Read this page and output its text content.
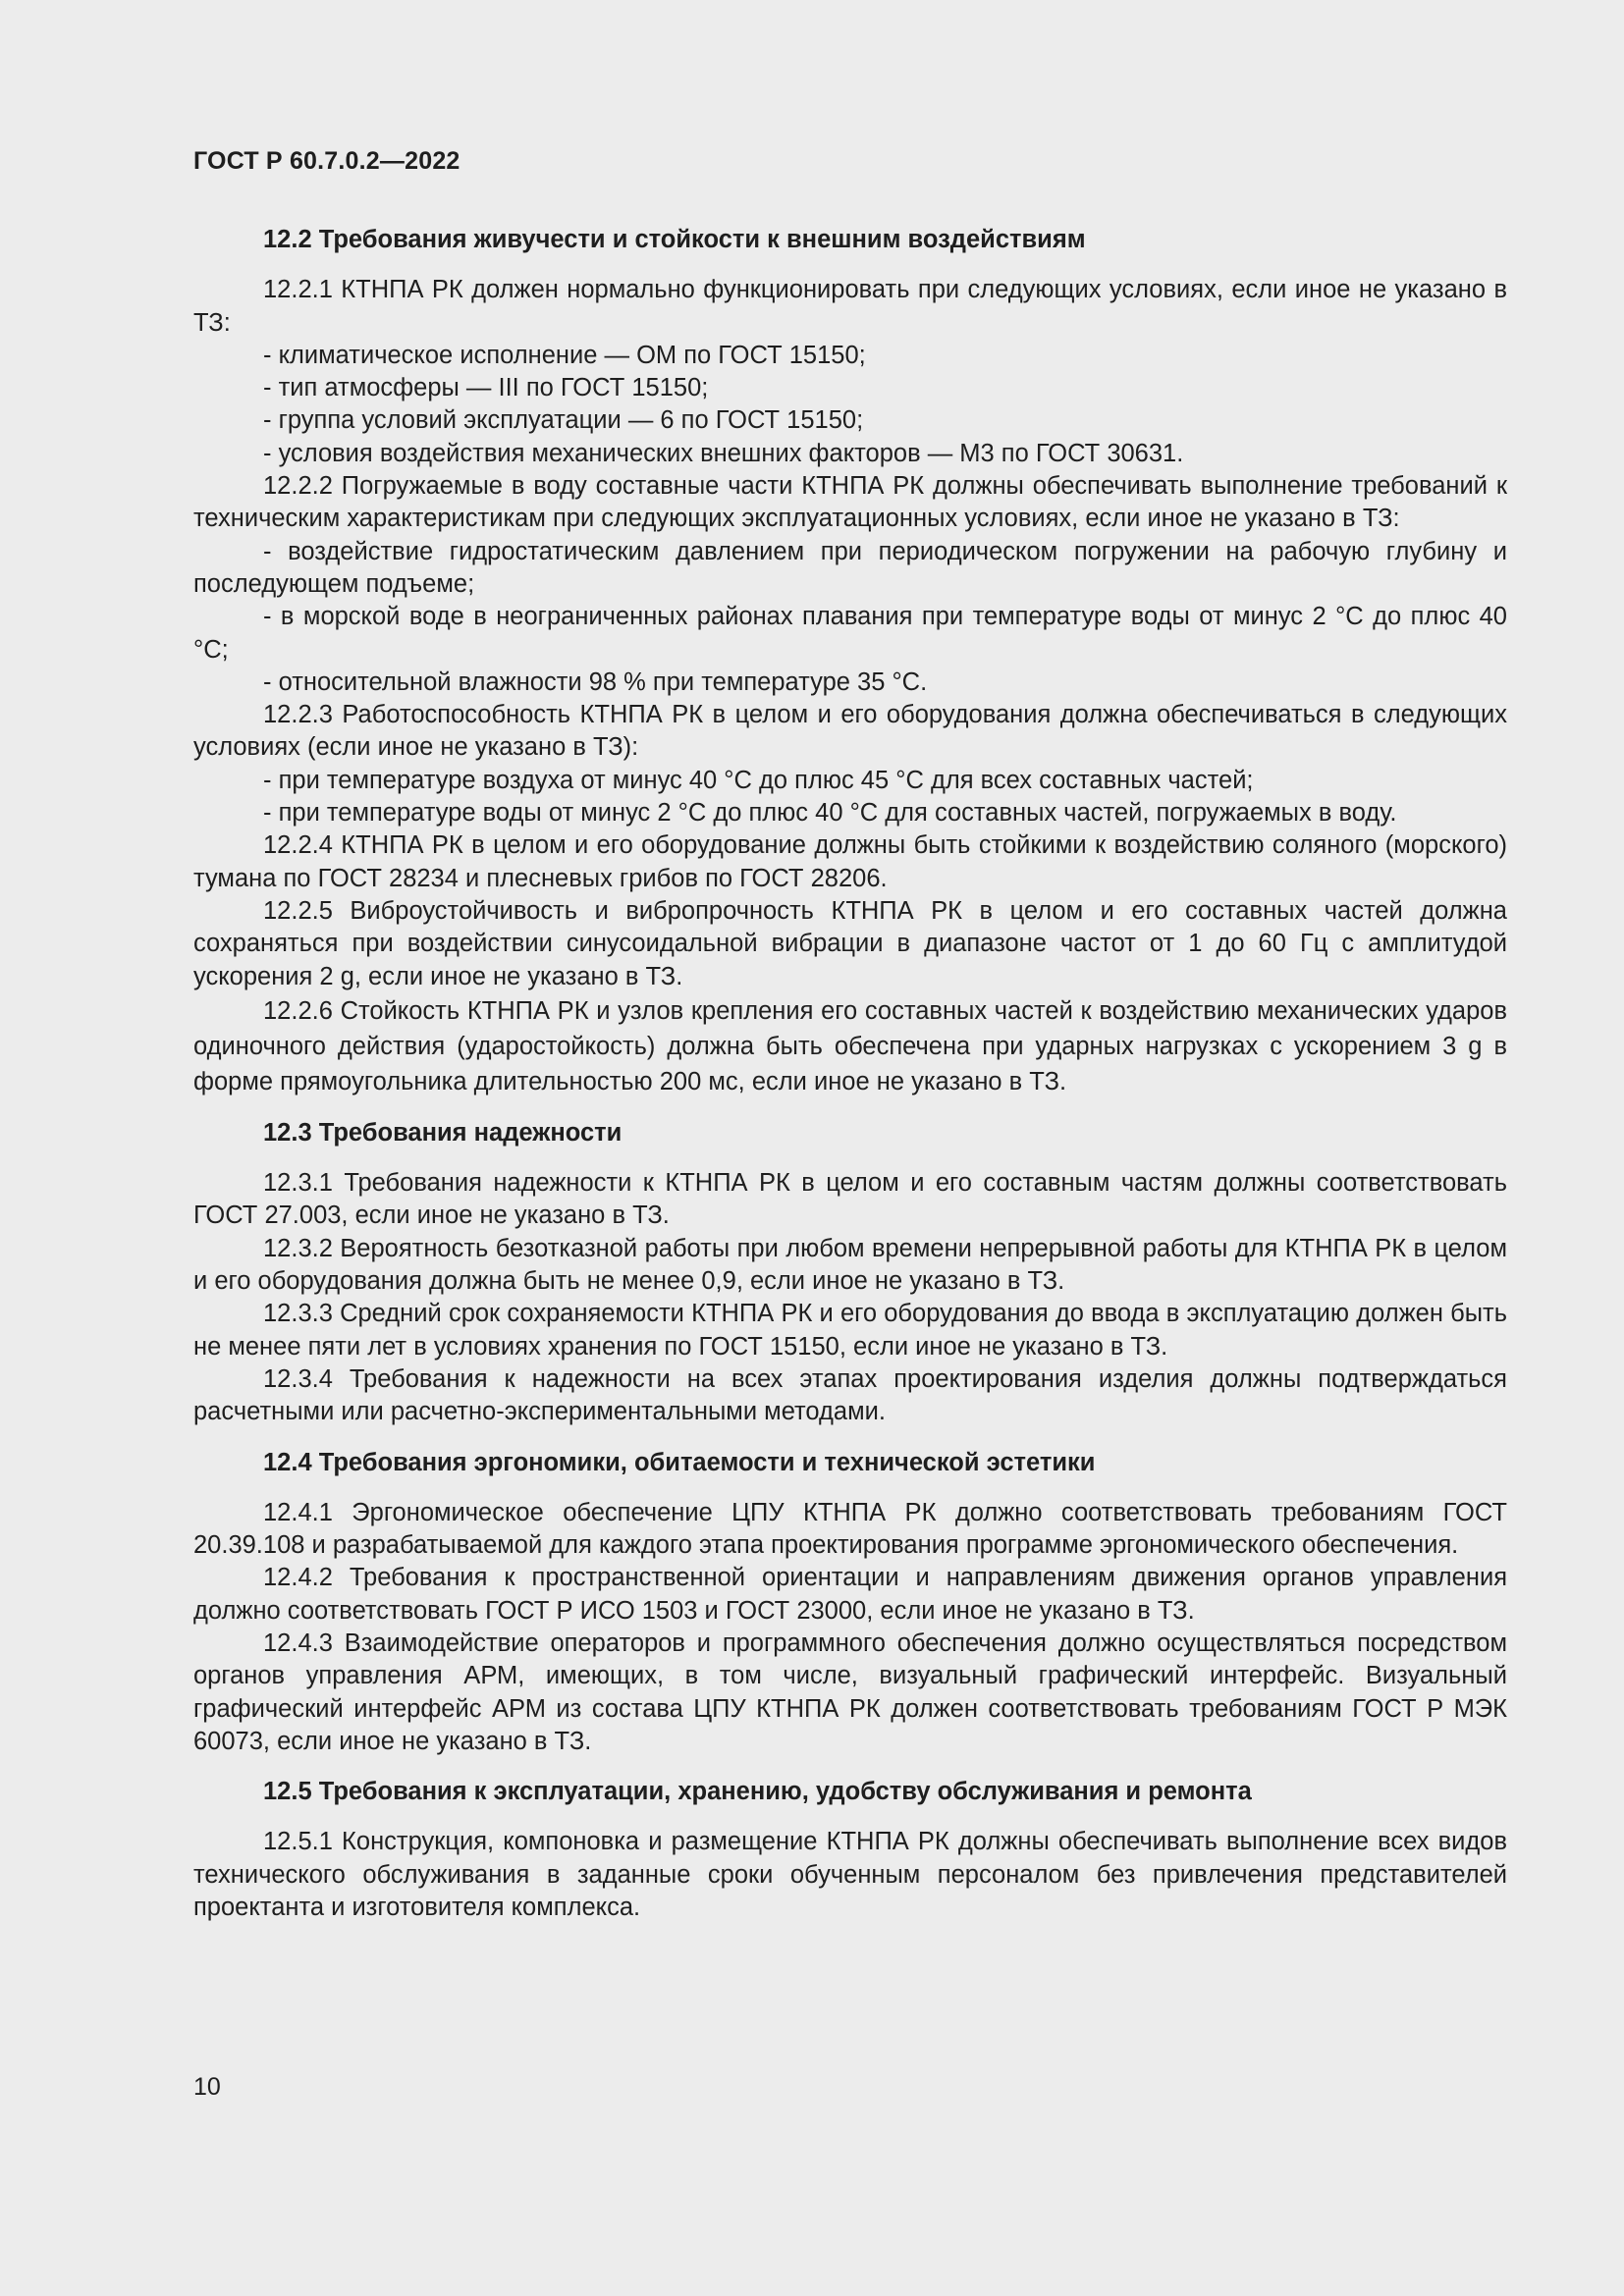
ГОСТ Р 60.7.0.2—2022
12.2 Требования живучести и стойкости к внешним воздействиям

12.2.1 КТНПА РК должен нормально функционировать при следующих условиях, если иное не указано в ТЗ:

- климатическое исполнение — ОМ по ГОСТ 15150;

- тип атмосферы — III по ГОСТ 15150;

- группа условий эксплуатации — 6 по ГОСТ 15150;

- условия воздействия механических внешних факторов — М3 по ГОСТ 30631.

12.2.2 Погружаемые в воду составные части КТНПА РК должны обеспечивать выполнение требований к техническим характеристикам при следующих эксплуатационных условиях, если иное не указано в ТЗ:

- воздействие гидростатическим давлением при периодическом погружении на рабочую глубину и последующем подъеме;

- в морской воде в неограниченных районах плавания при температуре воды от минус 2 °С до плюс 40 °С;

- относительной влажности 98 % при температуре 35 °С.

12.2.3 Работоспособность КТНПА РК в целом и его оборудования должна обеспечиваться в следующих условиях (если иное не указано в ТЗ):

- при температуре воздуха от минус 40 °С до плюс 45 °С для всех составных частей;

- при температуре воды от минус 2 °С до плюс 40 °С для составных частей, погружаемых в воду.

12.2.4 КТНПА РК в целом и его оборудование должны быть стойкими к воздействию соляного (морского) тумана по ГОСТ 28234 и плесневых грибов по ГОСТ 28206.

12.2.5 Виброустойчивость и вибропрочность КТНПА РК в целом и его составных частей должна сохраняться при воздействии синусоидальной вибрации в диапазоне частот от 1 до 60 Гц с амплитудой ускорения 2 g, если иное не указано в ТЗ.

12.2.6 Стойкость КТНПА РК и узлов крепления его составных частей к воздействию механических ударов одиночного действия (ударостойкость) должна быть обеспечена при ударных нагрузках с ускорением 3 g в форме прямоугольника длительностью 200 мс, если иное не указано в ТЗ.

12.3 Требования надежности

12.3.1 Требования надежности к КТНПА РК в целом и его составным частям должны соответствовать ГОСТ 27.003, если иное не указано в ТЗ.

12.3.2 Вероятность безотказной работы при любом времени непрерывной работы для КТНПА РК в целом и его оборудования должна быть не менее 0,9, если иное не указано в ТЗ.

12.3.3 Средний срок сохраняемости КТНПА РК и его оборудования до ввода в эксплуатацию должен быть не менее пяти лет в условиях хранения по ГОСТ 15150, если иное не указано в ТЗ.

12.3.4 Требования к надежности на всех этапах проектирования изделия должны подтверждаться расчетными или расчетно-экспериментальными методами.

12.4 Требования эргономики, обитаемости и технической эстетики

12.4.1 Эргономическое обеспечение ЦПУ КТНПА РК должно соответствовать требованиям ГОСТ 20.39.108 и разрабатываемой для каждого этапа проектирования программе эргономического обеспечения.

12.4.2 Требования к пространственной ориентации и направлениям движения органов управления должно соответствовать ГОСТ Р ИСО 1503 и ГОСТ 23000, если иное не указано в ТЗ.

12.4.3 Взаимодействие операторов и программного обеспечения должно осуществляться посредством органов управления АРМ, имеющих, в том числе, визуальный графический интерфейс. Визуальный графический интерфейс АРМ из состава ЦПУ КТНПА РК должен соответствовать требованиям ГОСТ Р МЭК 60073, если иное не указано в ТЗ.

12.5 Требования к эксплуатации, хранению, удобству обслуживания и ремонта

12.5.1 Конструкция, компоновка и размещение КТНПА РК должны обеспечивать выполнение всех видов технического обслуживания в заданные сроки обученным персоналом без привлечения представителей проектанта и изготовителя комплекса.

10
